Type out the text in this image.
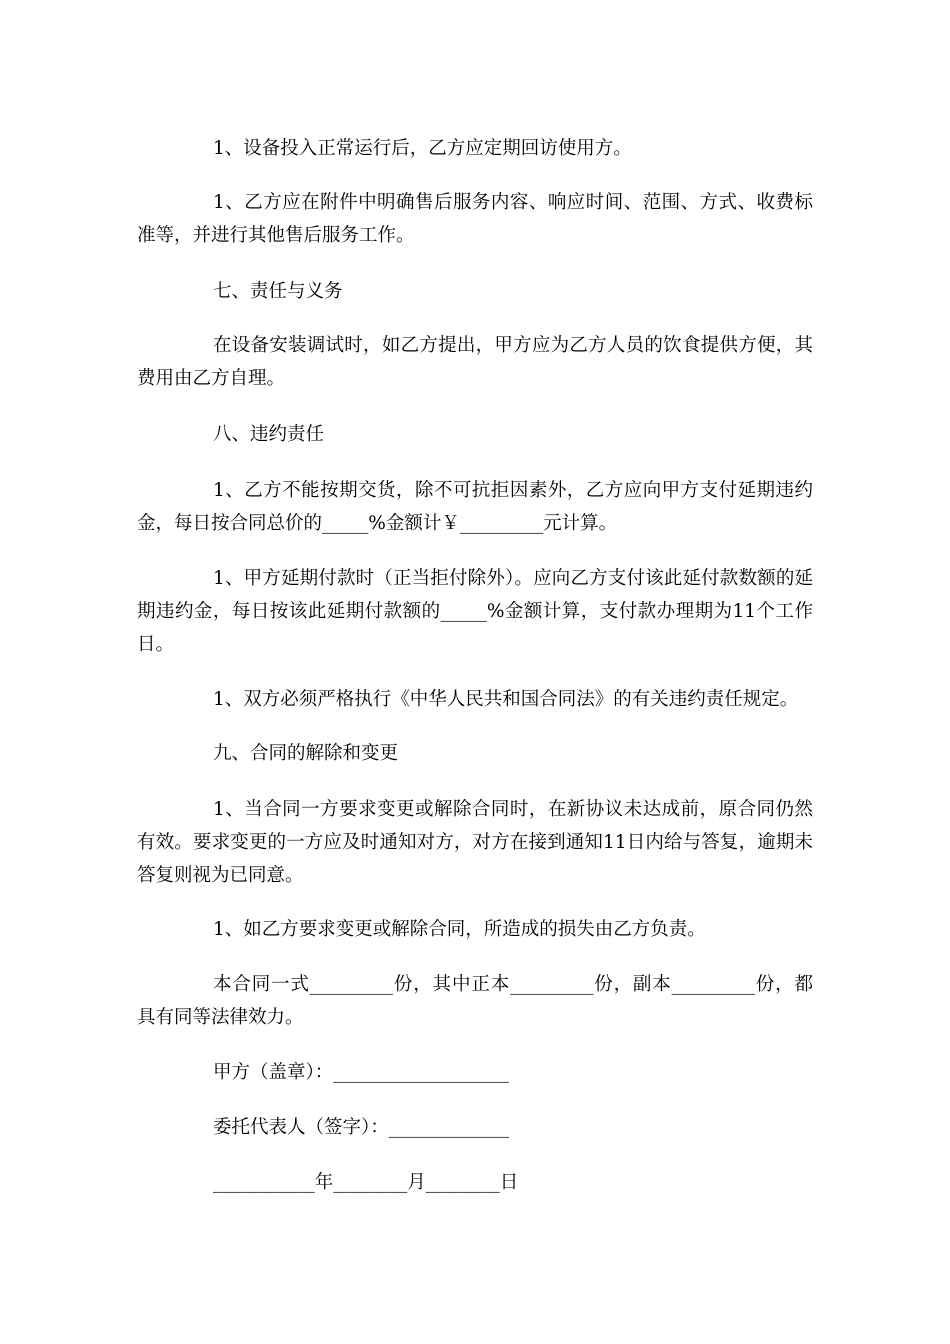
1、设备投入正常运行后，乙方应定期回访使用方。

1、乙方应在附件中明确售后服务内容、响应时间、范围、方式、收费标准等，并进行其他售后服务工作。

七、责任与义务

在设备安装调试时，如乙方提出，甲方应为乙方人员的饮食提供方便，其费用由乙方自理。

八、违约责任

1、乙方不能按期交货，除不可抗拒因素外，乙方应向甲方支付延期违约金，每日按合同总价的_____%金额计￥_________元计算。

1、甲方延期付款时（正当拒付除外）。应向乙方支付该此延付款数额的延期违约金，每日按该此延期付款额的_____%金额计算，支付款办理期为11个工作日。

1、双方必须严格执行《中华人民共和国合同法》的有关违约责任规定。

九、合同的解除和变更

1、当合同一方要求变更或解除合同时，在新协议未达成前，原合同仍然有效。要求变更的一方应及时通知对方，对方在接到通知11日内给与答复，逾期未答复则视为已同意。

1、如乙方要求变更或解除合同，所造成的损失由乙方负责。

本合同一式_________份，其中正本_________份，副本_________份，都具有同等法律效力。

甲方（盖章）：___________________

委托代表人（签字）：_____________

___________年________月________日
